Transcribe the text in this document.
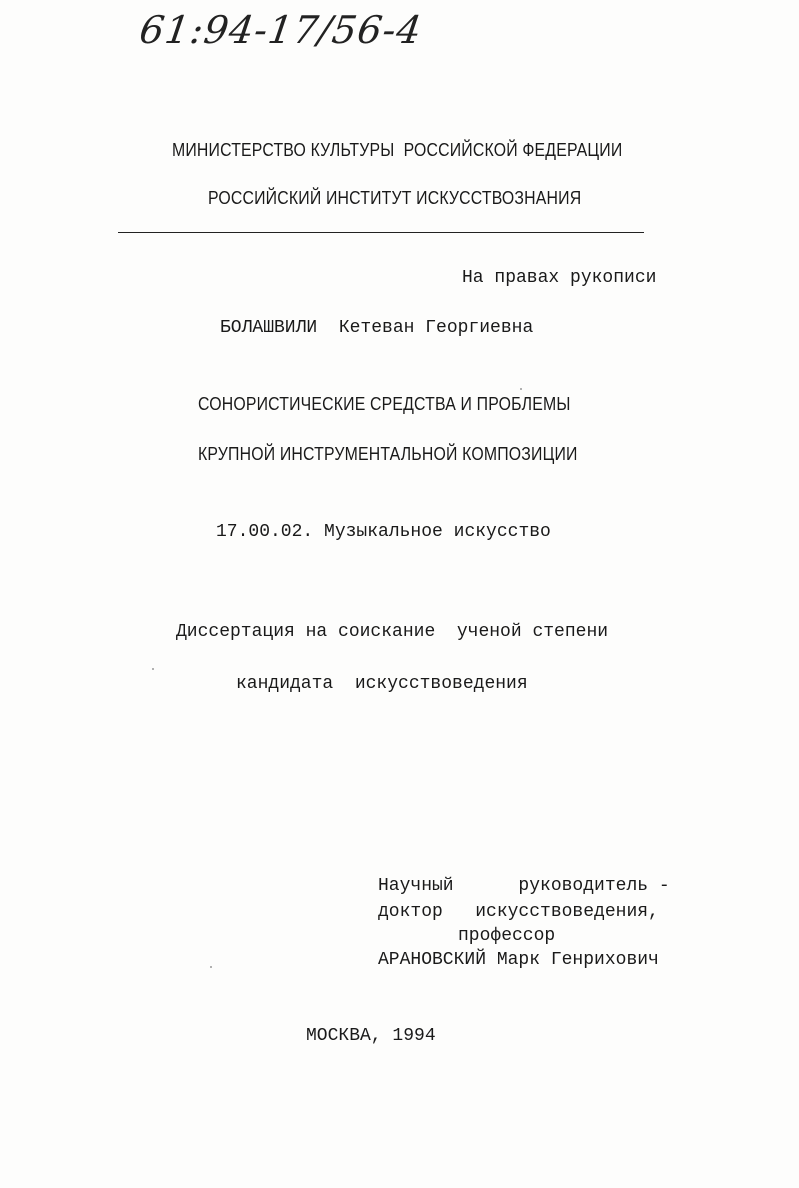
61:94-17/56-4
МИНИСТЕРСТВО КУЛЬТУРЫ  РОССИЙСКОЙ ФЕДЕРАЦИИ
РОССИЙСКИЙ ИНСТИТУТ ИСКУССТВОЗНАНИЯ
На правах рукописи
БОЛАШВИЛИ  Кетеван Георгиевна
СОНОРИСТИЧЕСКИЕ СРЕДСТВА И ПРОБЛЕМЫ
КРУПНОЙ ИНСТРУМЕНТАЛЬНОЙ КОМПОЗИЦИИ
17.00.02. Музыкальное искусство
Диссертация на соискание  ученой степени
кандидата  искусствоведения
Научный      руководитель -
доктор   искусствоведения,
профессор
АРАНОВСКИЙ Марк Генрихович
МОСКВА, 1994
